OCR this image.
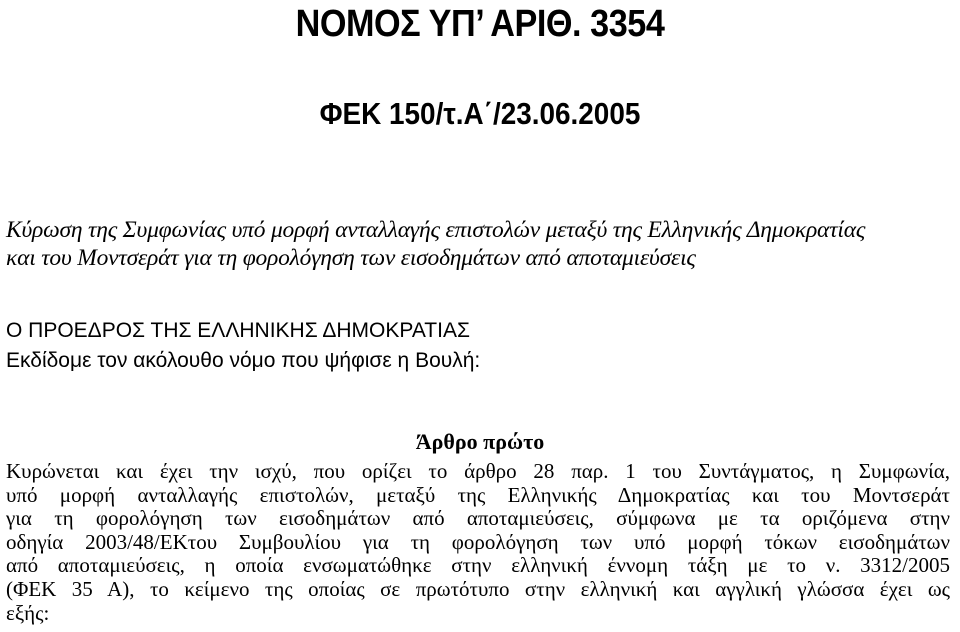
ΝΟΜΟΣ ΥΠ’ ΑΡΙΘ. 3354
ΦΕΚ 150/τ.Α΄/23.06.2005
Κύρωση της Συμφωνίας υπό μορφή ανταλλαγής επιστολών μεταξύ της Ελληνικής Δημοκρατίας
και του Μοντσεράτ για τη φορολόγηση των εισοδημάτων από αποταμιεύσεις
Ο ΠΡΟΕΔΡΟΣ ΤΗΣ ΕΛΛΗΝΙΚΗΣ ΔΗΜΟΚΡΑΤΙΑΣ
Εκδίδομε τον ακόλουθο νόμο που ψήφισε η Βουλή:
Άρθρο πρώτο
Κυρώνεται και έχει την ισχύ, που ορίζει το άρθρο 28 παρ. 1 του Συντάγματος, η Συμφωνία,
υπό μορφή ανταλλαγής επιστολών, μεταξύ της Ελληνικής Δημοκρατίας και του Μοντσεράτ
για τη φορολόγηση των εισοδημάτων από αποταμιεύσεις, σύμφωνα με τα οριζόμενα στην
οδηγία 2003/48/ΕΚτου Συμβουλίου για τη φορολόγηση των υπό μορφή τόκων εισοδημάτων
από αποταμιεύσεις, η οποία ενσωματώθηκε στην ελληνική έννομη τάξη με το ν. 3312/2005
(ΦΕΚ 35 Α), το κείμενο της οποίας σε πρωτότυπο στην ελληνική και αγγλική γλώσσα έχει ως
εξής:
